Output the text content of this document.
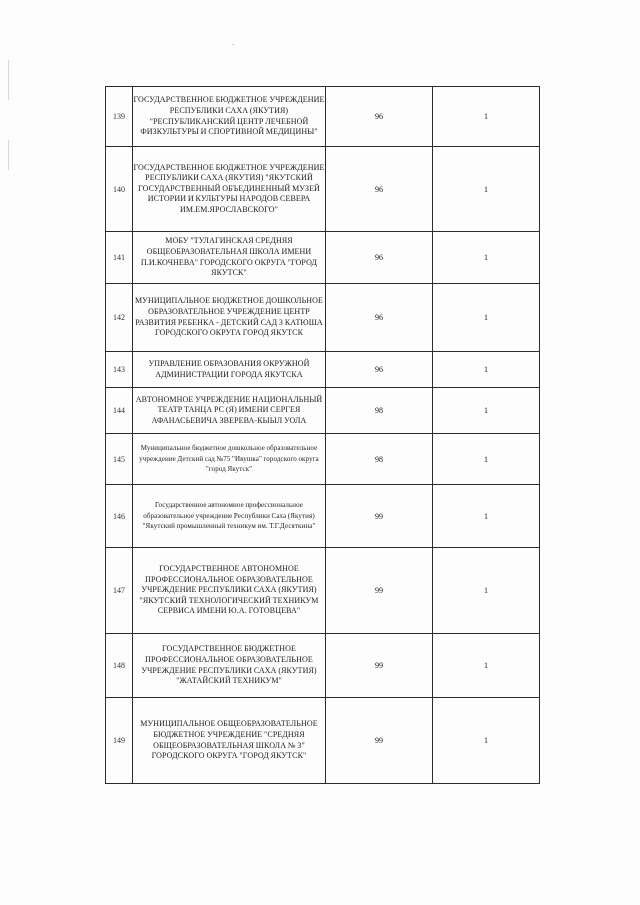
139	ГОСУДАРСТВЕННОЕ БЮДЖЕТНОЕ УЧРЕЖДЕНИЕ РЕСПУБЛИКИ САХА (ЯКУТИЯ) "РЕСПУБЛИКАНСКИЙ ЦЕНТР ЛЕЧЕБНОЙ ФИЗКУЛЬТУРЫ И СПОРТИВНОЙ МЕДИЦИНЫ"	96	1
140	ГОСУДАРСТВЕННОЕ БЮДЖЕТНОЕ УЧРЕЖДЕНИЕ РЕСПУБЛИКИ САХА (ЯКУТИЯ) "ЯКУТСКИЙ ГОСУДАРСТВЕННЫЙ ОБЪЕДИНЕННЫЙ МУЗЕЙ ИСТОРИИ И КУЛЬТУРЫ НАРОДОВ СЕВЕРА ИМ.ЕМ.ЯРОСЛАВСКОГО"	96	1
141	МОБУ "ТУЛАГИНСКАЯ СРЕДНЯЯ ОБЩЕОБРАЗОВАТЕЛЬНАЯ ШКОЛА ИМЕНИ П.И.КОЧНЕВА" ГОРОДСКОГО ОКРУГА "ГОРОД ЯКУТСК"	96	1
142	МУНИЦИПАЛЬНОЕ БЮДЖЕТНОЕ ДОШКОЛЬНОЕ ОБРАЗОВАТЕЛЬНОЕ УЧРЕЖДЕНИЕ ЦЕНТР РАЗВИТИЯ РЕБЕНКА - ДЕТСКИЙ САД 3 КАТЮША ГОРОДСКОГО ОКРУГА ГОРОД ЯКУТСК	96	1
143	УПРАВЛЕНИЕ ОБРАЗОВАНИЯ ОКРУЖНОЙ АДМИНИСТРАЦИИ ГОРОДА ЯКУТСКА	96	1
144	АВТОНОМНОЕ УЧРЕЖДЕНИЕ НАЦИОНАЛЬНЫЙ ТЕАТР ТАНЦА РС (Я) ИМЕНИ СЕРГЕЯ АФАНАСЬЕВИЧА ЗВЕРЕВА-КЫЫЛ УОЛА	98	1
145	Муниципальное бюджетное дошкольное образовательное учреждение Детский сад №75 "Ивушка" городского округа "город Якутск"	98	1
146	Государственное автономное профессиональное образовательное учреждение Республики Саха (Якутия) "Якутский промышленный техникум им. Т.Г.Десяткина"	99	1
147	ГОСУДАРСТВЕННОЕ АВТОНОМНОЕ ПРОФЕССИОНАЛЬНОЕ ОБРАЗОВАТЕЛЬНОЕ УЧРЕЖДЕНИЕ РЕСПУБЛИКИ САХА (ЯКУТИЯ) "ЯКУТСКИЙ ТЕХНОЛОГИЧЕСКИЙ ТЕХНИКУМ СЕРВИСА ИМЕНИ Ю.А. ГОТОВЦЕВА"	99	1
148	ГОСУДАРСТВЕННОЕ БЮДЖЕТНОЕ ПРОФЕССИОНАЛЬНОЕ ОБРАЗОВАТЕЛЬНОЕ УЧРЕЖДЕНИЕ РЕСПУБЛИКИ САХА (ЯКУТИЯ) "ЖАТАЙСКИЙ ТЕХНИКУМ"	99	1
149	МУНИЦИПАЛЬНОЕ ОБЩЕОБРАЗОВАТЕЛЬНОЕ БЮДЖЕТНОЕ УЧРЕЖДЕНИЕ "СРЕДНЯЯ ОБЩЕОБРАЗОВАТЕЛЬНАЯ ШКОЛА № 3" ГОРОДСКОГО ОКРУГА "ГОРОД ЯКУТСК"	99	1
